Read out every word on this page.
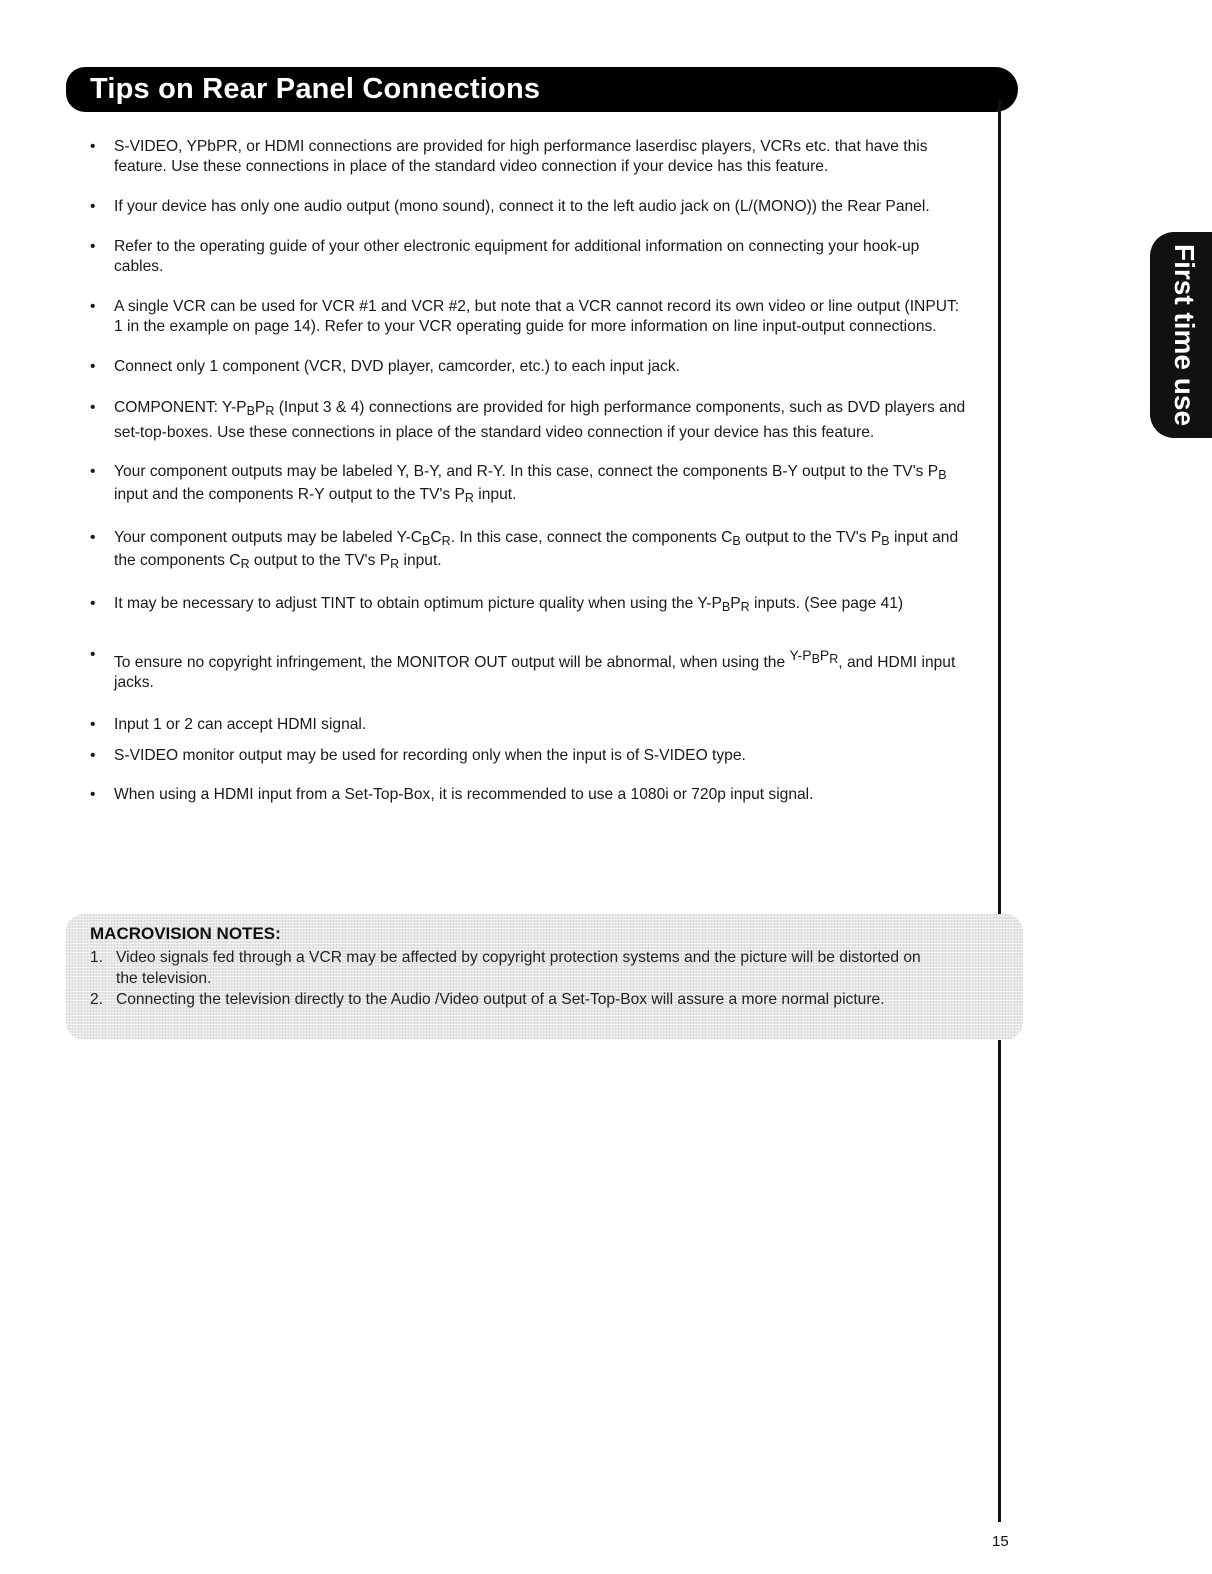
Tips on Rear Panel Connections
First time use
• S-VIDEO, YPbPR, or HDMI connections are provided for high performance laserdisc players, VCRs etc. that have this feature. Use these connections in place of the standard video connection if your device has this feature.
• If your device has only one audio output (mono sound), connect it to the left audio jack on (L/(MONO)) the Rear Panel.
• Refer to the operating guide of your other electronic equipment for additional information on connecting your hook-up cables.
• A single VCR can be used for VCR #1 and VCR #2, but note that a VCR cannot record its own video or line output (INPUT: 1 in the example on page 14). Refer to your VCR operating guide for more information on line input-output connections.
• Connect only 1 component (VCR, DVD player, camcorder, etc.) to each input jack.
• COMPONENT: $Y-P_BP_R$ (Input 3 & 4) connections are provided for high performance components, such as DVD players and set-top-boxes. Use these connections in place of the standard video connection if your device has this feature.
• Your component outputs may be labeled Y, B-Y, and R-Y. In this case, connect the components B-Y output to the TV's $P_B$ input and the components R-Y output to the TV's $P_R$ input.
• Your component outputs may be labeled $Y-C_BC_R$. In this case, connect the components $C_B$ output to the TV's $P_B$ input and the components $C_R$ output to the TV's $P_R$ input.
• It may be necessary to adjust TINT to obtain optimum picture quality when using the $Y-P_BP_R$ inputs. (See page 41)
• To ensure no copyright infringement, the MONITOR OUT output will be abnormal, when using the Y-PBPR, and HDMI input jacks.
• Input 1 or 2 can accept HDMI signal.
• S-VIDEO monitor output may be used for recording only when the input is of S-VIDEO type.
• When using a HDMI input from a Set-Top-Box, it is recommended to use a 1080i or 720p input signal.
MACROVISION NOTES:
1. Video signals fed through a VCR may be affected by copyright protection systems and the picture will be distorted on the television.
2. Connecting the television directly to the Audio /Video output of a Set-Top-Box will assure a more normal picture.
15
